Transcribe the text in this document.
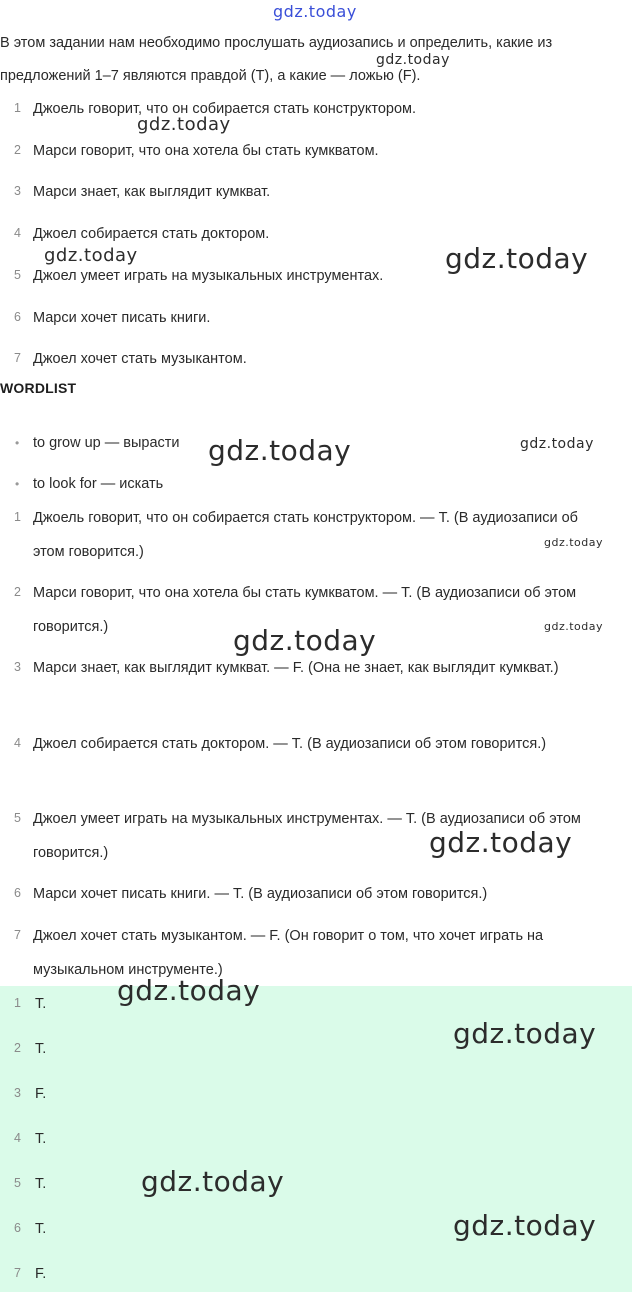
В этом задании нам необходимо прослушать аудиозапись и определить, какие из предложений 1–7 являются правдой (T), а какие — ложью (F).
1 Джоель говорит, что он собирается стать конструктором.
2 Марси говорит, что она хотела бы стать кумкватом.
3 Марси знает, как выглядит кумкват.
4 Джоел собирается стать доктором.
5 Джоел умеет играть на музыкальных инструментах.
6 Марси хочет писать книги.
7 Джоел хочет стать музыкантом.
WORDLIST
• to grow up — вырасти
• to look for — искать
1 Джоель говорит, что он собирается стать конструктором. — T. (В аудиозаписи об этом говорится.)
2 Марси говорит, что она хотела бы стать кумкватом. — T. (В аудиозаписи об этом говорится.)
3 Марси знает, как выглядит кумкват. — F. (Она не знает, как выглядит кумкват.)
4 Джоел собирается стать доктором. — T. (В аудиозаписи об этом говорится.)
5 Джоел умеет играть на музыкальных инструментах. — T. (В аудиозаписи об этом говорится.)
6 Марси хочет писать книги. — T. (В аудиозаписи об этом говорится.)
7 Джоел хочет стать музыкантом. — F. (Он говорит о том, что хочет играть на музыкальном инструменте.)
1 T.
2 T.
3 F.
4 T.
5 T.
6 T.
7 F.
gdz.today
gdz.today
gdz.today
gdz.today	gdz.today
gdz.today	gdz.today
gdz.today
gdz.today
gdz.today
gdz.today
gdz.today
gdz.today
gdz.today
gdz.today
